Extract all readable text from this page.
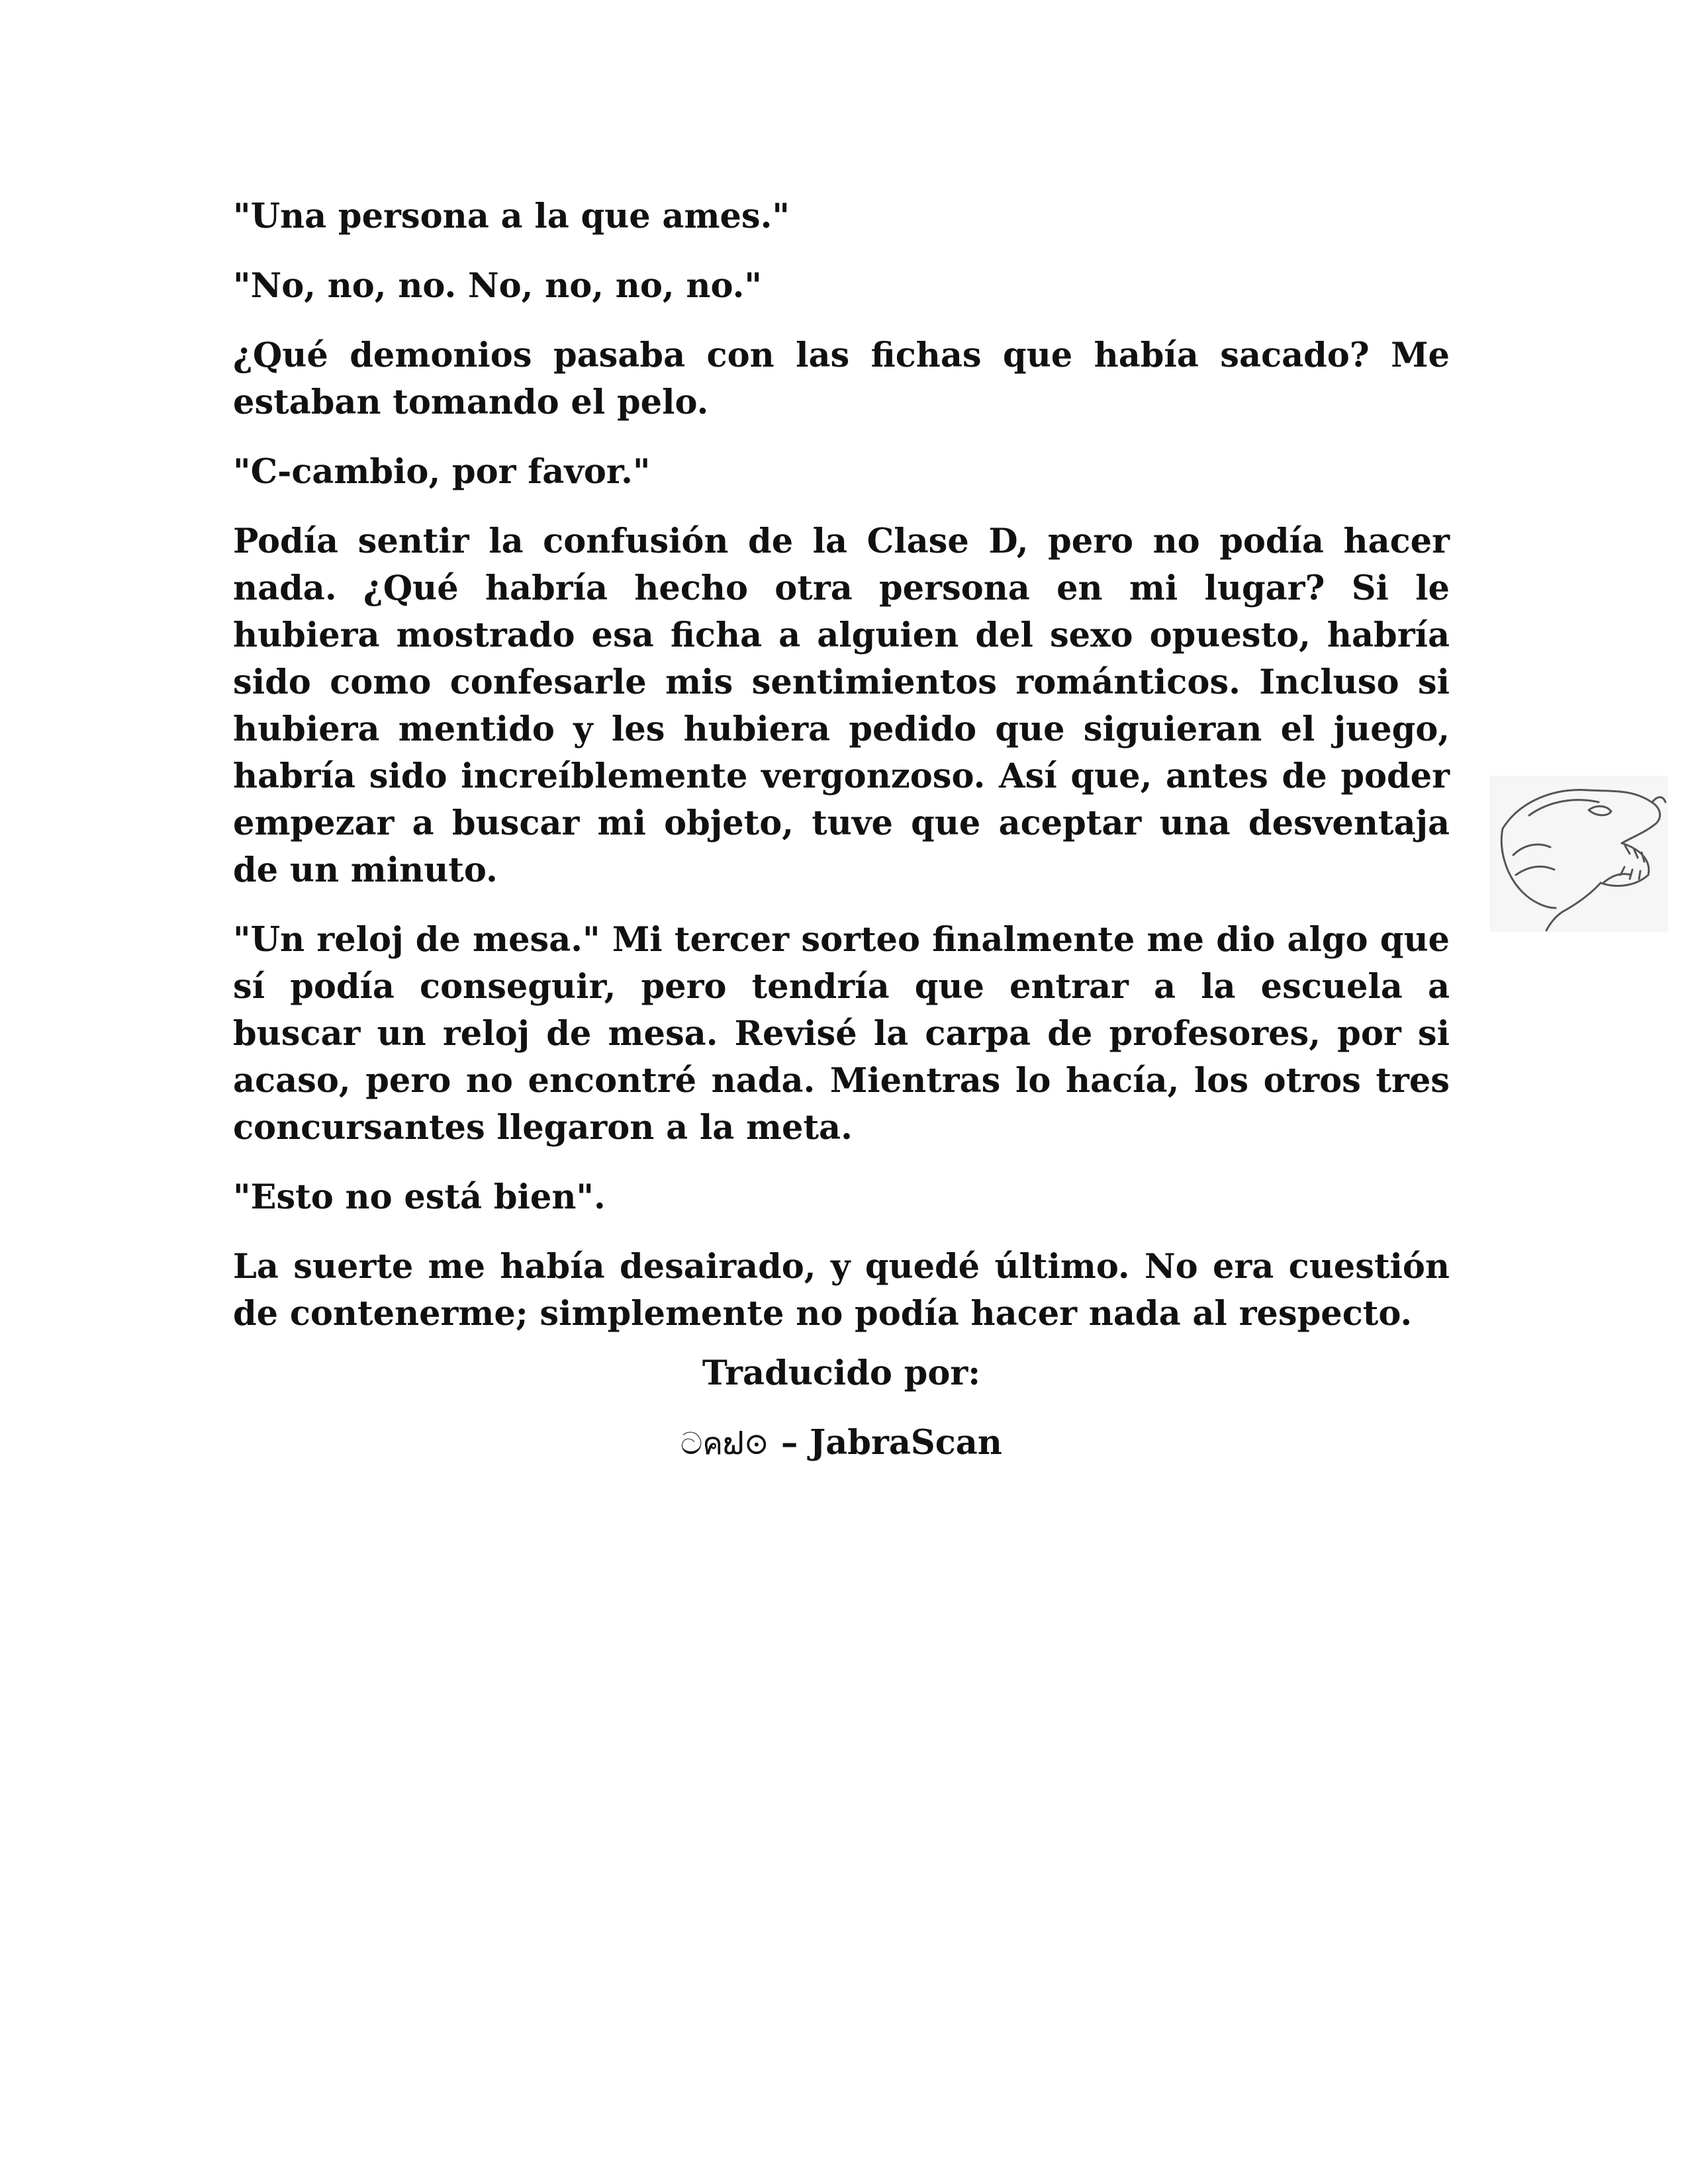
"Una persona a la que ames."

"No, no, no. No, no, no, no."

¿Qué demonios pasaba con las fichas que había sacado? Me estaban tomando el pelo.

"C-cambio, por favor."

Podía sentir la confusión de la Clase D, pero no podía hacer nada. ¿Qué habría hecho otra persona en mi lugar? Si le hubiera mostrado esa ficha a alguien del sexo opuesto, habría sido como confesarle mis sentimientos románticos. Incluso si hubiera mentido y les hubiera pedido que siguieran el juego, habría sido increíblemente vergonzoso. Así que, antes de poder empezar a buscar mi objeto, tuve que aceptar una desventaja de un minuto.

"Un reloj de mesa." Mi tercer sorteo finalmente me dio algo que sí podía conseguir, pero tendría que entrar a la escuela a buscar un reloj de mesa. Revisé la carpa de profesores, por si acaso, pero no encontré nada. Mientras lo hacía, los otros tres concursantes llegaron a la meta.

"Esto no está bien".

La suerte me había desairado, y quedé último. No era cuestión de contenerme; simplemente no podía hacer nada al respecto.

Traducido por:

ටคຟ⊙ – JabraScan
